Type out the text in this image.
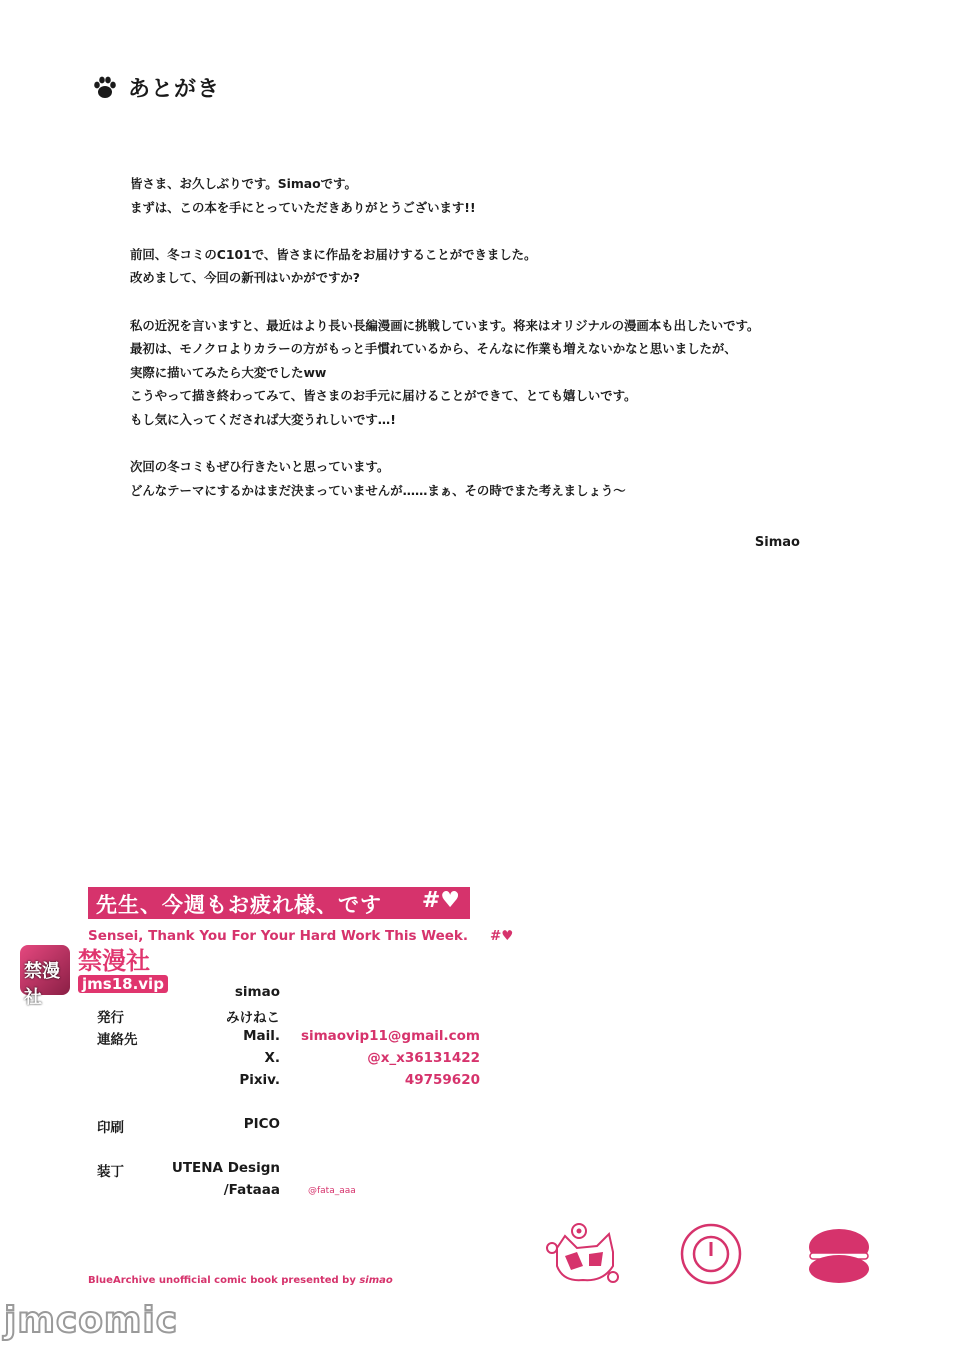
あとがき

皆さま、お久しぶりです。Simaoです。
まずは、この本を手にとっていただきありがとうございます!!

前回、冬コミのC101で、皆さまに作品をお届けすることができました。
改めまして、今回の新刊はいかがですか?

私の近況を言いますと、最近はより長い長編漫画に挑戦しています。将来はオリジナルの漫画本も出したいです。
最初は、モノクロよりカラーの方がもっと手慣れているから、そんなに作業も増えないかなと思いましたが、
実際に描いてみたら大変でしたww
こうやって描き終わってみて、皆さまのお手元に届けることができて、とても嬉しいです。
もし気に入ってくだされば大変うれしいです…!

次回の冬コミもぜひ行きたいと思っています。
どんなテーマにするかはまだ決まっていませんが……まぁ、その時でまた考えましょう〜

Simao
先生、今週もお疲れ様、です #♥
Sensei, Thank You For Your Hard Work This Week. #♥
simao
発行	みけねこ
連絡先	Mail.	simaovip11@gmail.com
X.	@x_x36131422
Pixiv.	49759620
印刷	PICO
装丁	UTENA Design
/Fataaa	@fata_aaa
BlueArchive unofficial comic book presented by simao
禁漫社
禁漫社
jms18.vip
jmcomic
